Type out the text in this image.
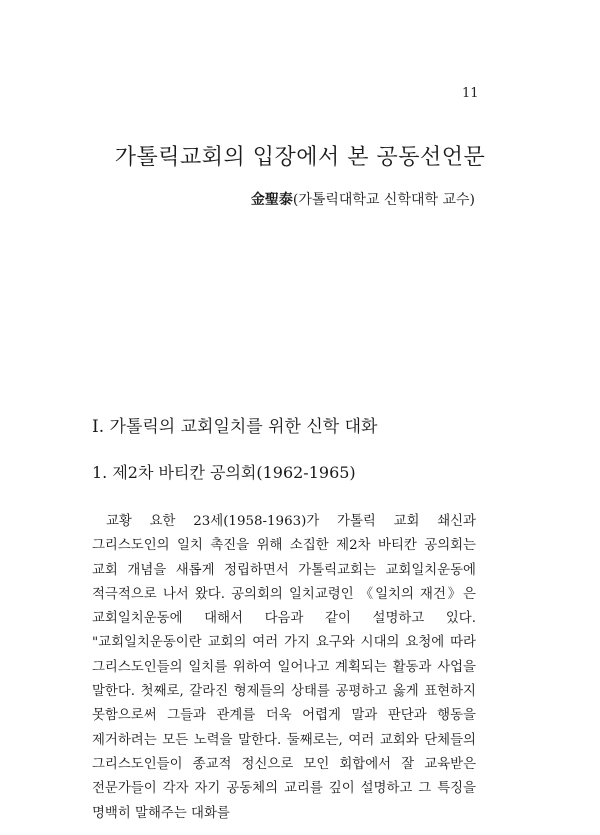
11
가톨릭교회의 입장에서 본 공동선언문
金聖泰(가톨릭대학교 신학대학 교수)
I. 가톨릭의 교회일치를 위한 신학 대화
1. 제2차 바티칸 공의회(1962-1965)

교황 요한 23세(1958-1963)가 가톨릭 교회 쇄신과 그리스도인의 일치 촉진을 위해 소집한 제2차 바티칸 공의회는 교회 개념을 새롭게 정립하면서 가톨릭교회는 교회일치운동에 적극적으로 나서 왔다. 공의회의 일치교령인 《일치의 재건》은 교회일치운동에 대해서 다음과 같이 설명하고 있다. "교회일치운동이란 교회의 여러 가지 요구와 시대의 요청에 따라 그리스도인들의 일치를 위하여 일어나고 계획되는 활동과 사업을 말한다. 첫째로, 갈라진 형제들의 상태를 공평하고 옳게 표현하지 못함으로써 그들과 관계를 더욱 어렵게 말과 판단과 행동을 제거하려는 모든 노력을 말한다. 둘째로는, 여러 교회와 단체들의 그리스도인들이 종교적 정신으로 모인 회합에서 잘 교육받은 전문가들이 각자 자기 공동체의 교리를 깊이 설명하고 그 특징을 명백히 말해주는 대화를
